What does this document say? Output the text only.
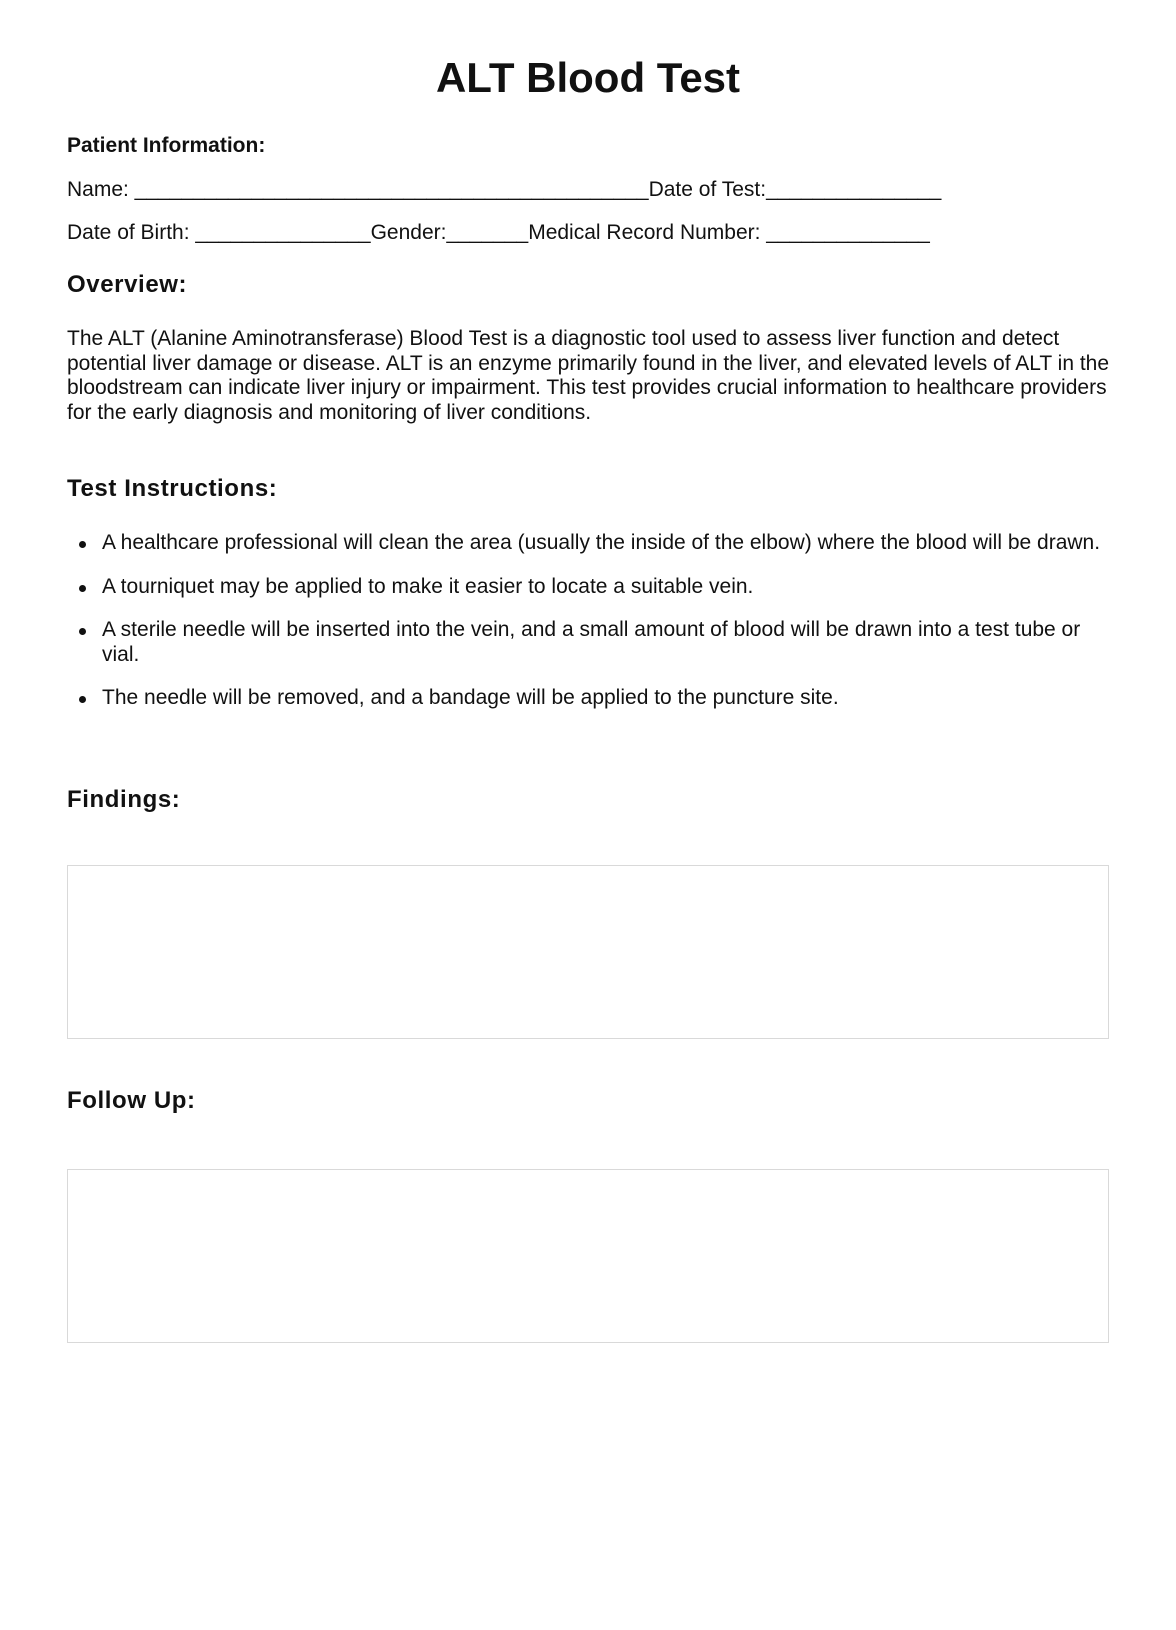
ALT Blood Test
Patient Information:
Name: ____________________________________________Date of Test:_______________
Date of Birth: _______________Gender:_______Medical Record Number: ______________
Overview:

The ALT (Alanine Aminotransferase) Blood Test is a diagnostic tool used to assess liver function and detect potential liver damage or disease. ALT is an enzyme primarily found in the liver, and elevated levels of ALT in the bloodstream can indicate liver injury or impairment. This test provides crucial information to healthcare providers for the early diagnosis and monitoring of liver conditions.

Test Instructions:
A healthcare professional will clean the area (usually the inside of the elbow) where the blood will be drawn.
A tourniquet may be applied to make it easier to locate a suitable vein.
A sterile needle will be inserted into the vein, and a small amount of blood will be drawn into a test tube or vial.
The needle will be removed, and a bandage will be applied to the puncture site.
Findings:
Follow Up:
